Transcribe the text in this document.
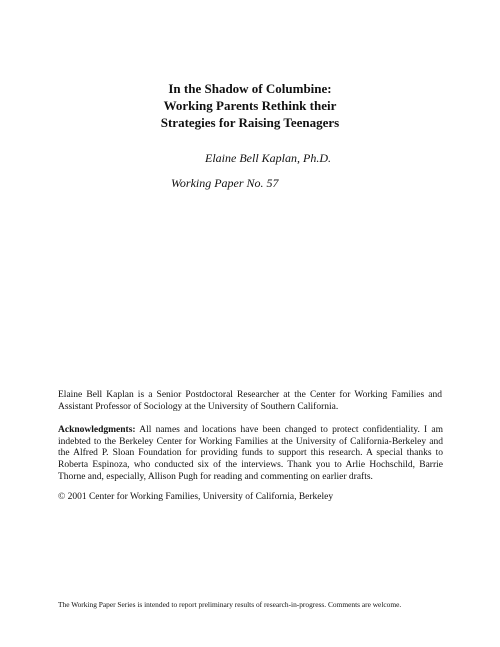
In the Shadow of Columbine:
Working Parents Rethink their
Strategies for Raising Teenagers
Elaine Bell Kaplan, Ph.D.
Working Paper No. 57

Elaine Bell Kaplan is a Senior Postdoctoral Researcher at the Center for Working Families and Assistant Professor of Sociology at the University of Southern California.

Acknowledgments: All names and locations have been changed to protect confidentiality. I am indebted to the Berkeley Center for Working Families at the University of California-Berkeley and the Alfred P. Sloan Foundation for providing funds to support this research. A special thanks to Roberta Espinoza, who conducted six of the interviews. Thank you to Arlie Hochschild, Barrie Thorne and, especially, Allison Pugh for reading and commenting on earlier drafts.

© 2001 Center for Working Families, University of California, Berkeley
The Working Paper Series is intended to report preliminary results of research-in-progress. Comments are welcome.
